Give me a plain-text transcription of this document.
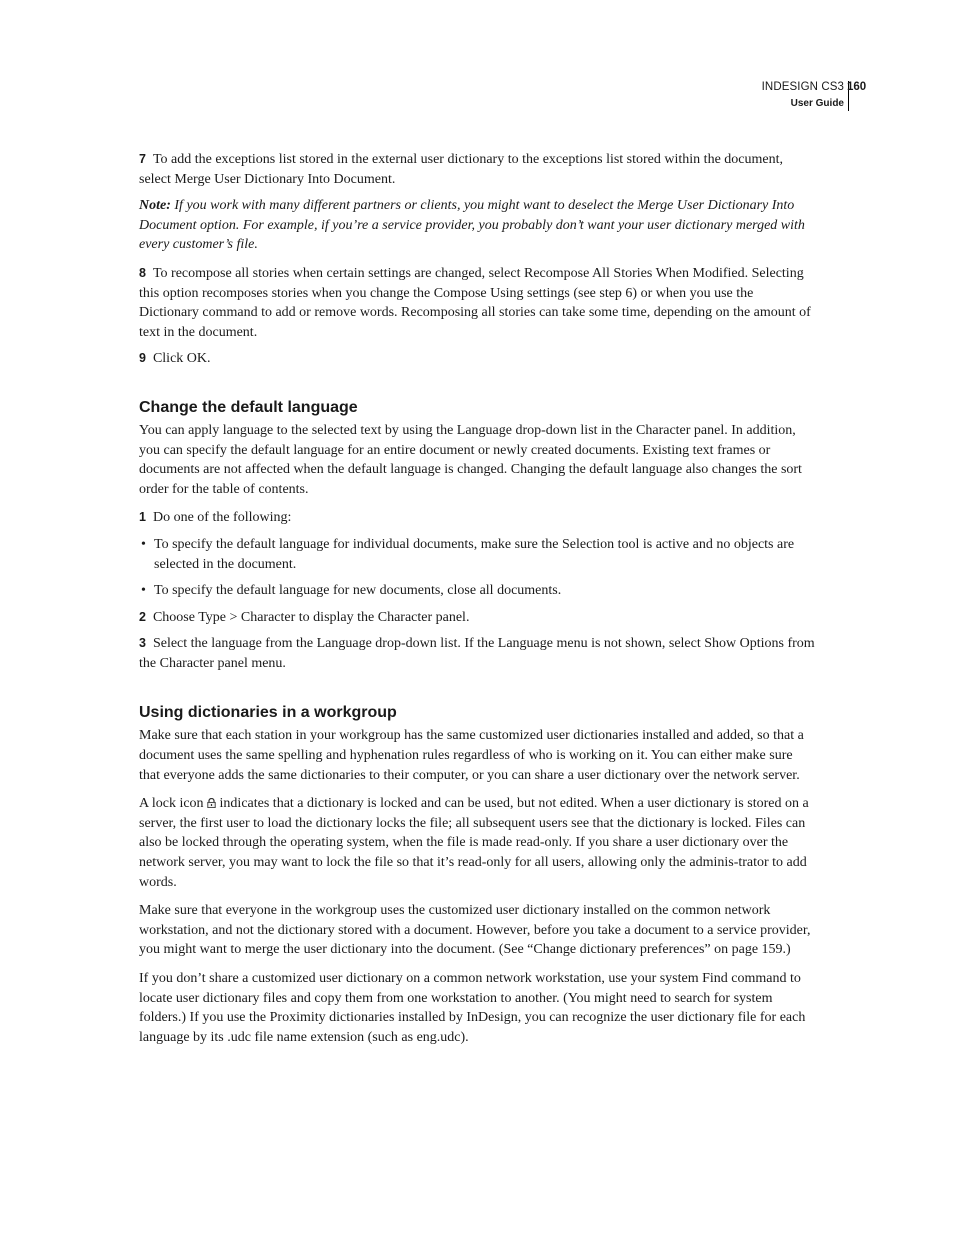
INDESIGN CS3
User Guide
160

7 To add the exceptions list stored in the external user dictionary to the exceptions list stored within the document, select Merge User Dictionary Into Document.

Note: If you work with many different partners or clients, you might want to deselect the Merge User Dictionary Into Document option. For example, if you’re a service provider, you probably don’t want your user dictionary merged with every customer’s file.

8 To recompose all stories when certain settings are changed, select Recompose All Stories When Modified. Selecting this option recomposes stories when you change the Compose Using settings (see step 6) or when you use the Dictionary command to add or remove words. Recomposing all stories can take some time, depending on the amount of text in the document.

9 Click OK.

Change the default language

You can apply language to the selected text by using the Language drop-down list in the Character panel. In addition, you can specify the default language for an entire document or newly created documents. Existing text frames or documents are not affected when the default language is changed. Changing the default language also changes the sort order for the table of contents.

1 Do one of the following:

• To specify the default language for individual documents, make sure the Selection tool is active and no objects are selected in the document.

• To specify the default language for new documents, close all documents.

2 Choose Type > Character to display the Character panel.

3 Select the language from the Language drop-down list. If the Language menu is not shown, select Show Options from the Character panel menu.

Using dictionaries in a workgroup

Make sure that each station in your workgroup has the same customized user dictionaries installed and added, so that a document uses the same spelling and hyphenation rules regardless of who is working on it. You can either make sure that everyone adds the same dictionaries to their computer, or you can share a user dictionary over the network server.

A lock icon indicates that a dictionary is locked and can be used, but not edited. When a user dictionary is stored on a server, the first user to load the dictionary locks the file; all subsequent users see that the dictionary is locked. Files can also be locked through the operating system, when the file is made read-only. If you share a user dictionary over the network server, you may want to lock the file so that it’s read-only for all users, allowing only the adminis-trator to add words.

Make sure that everyone in the workgroup uses the customized user dictionary installed on the common network workstation, and not the dictionary stored with a document. However, before you take a document to a service provider, you might want to merge the user dictionary into the document. (See “Change dictionary preferences” on page 159.)

If you don’t share a customized user dictionary on a common network workstation, use your system Find command to locate user dictionary files and copy them from one workstation to another. (You might need to search for system folders.) If you use the Proximity dictionaries installed by InDesign, you can recognize the user dictionary file for each language by its .udc file name extension (such as eng.udc).
